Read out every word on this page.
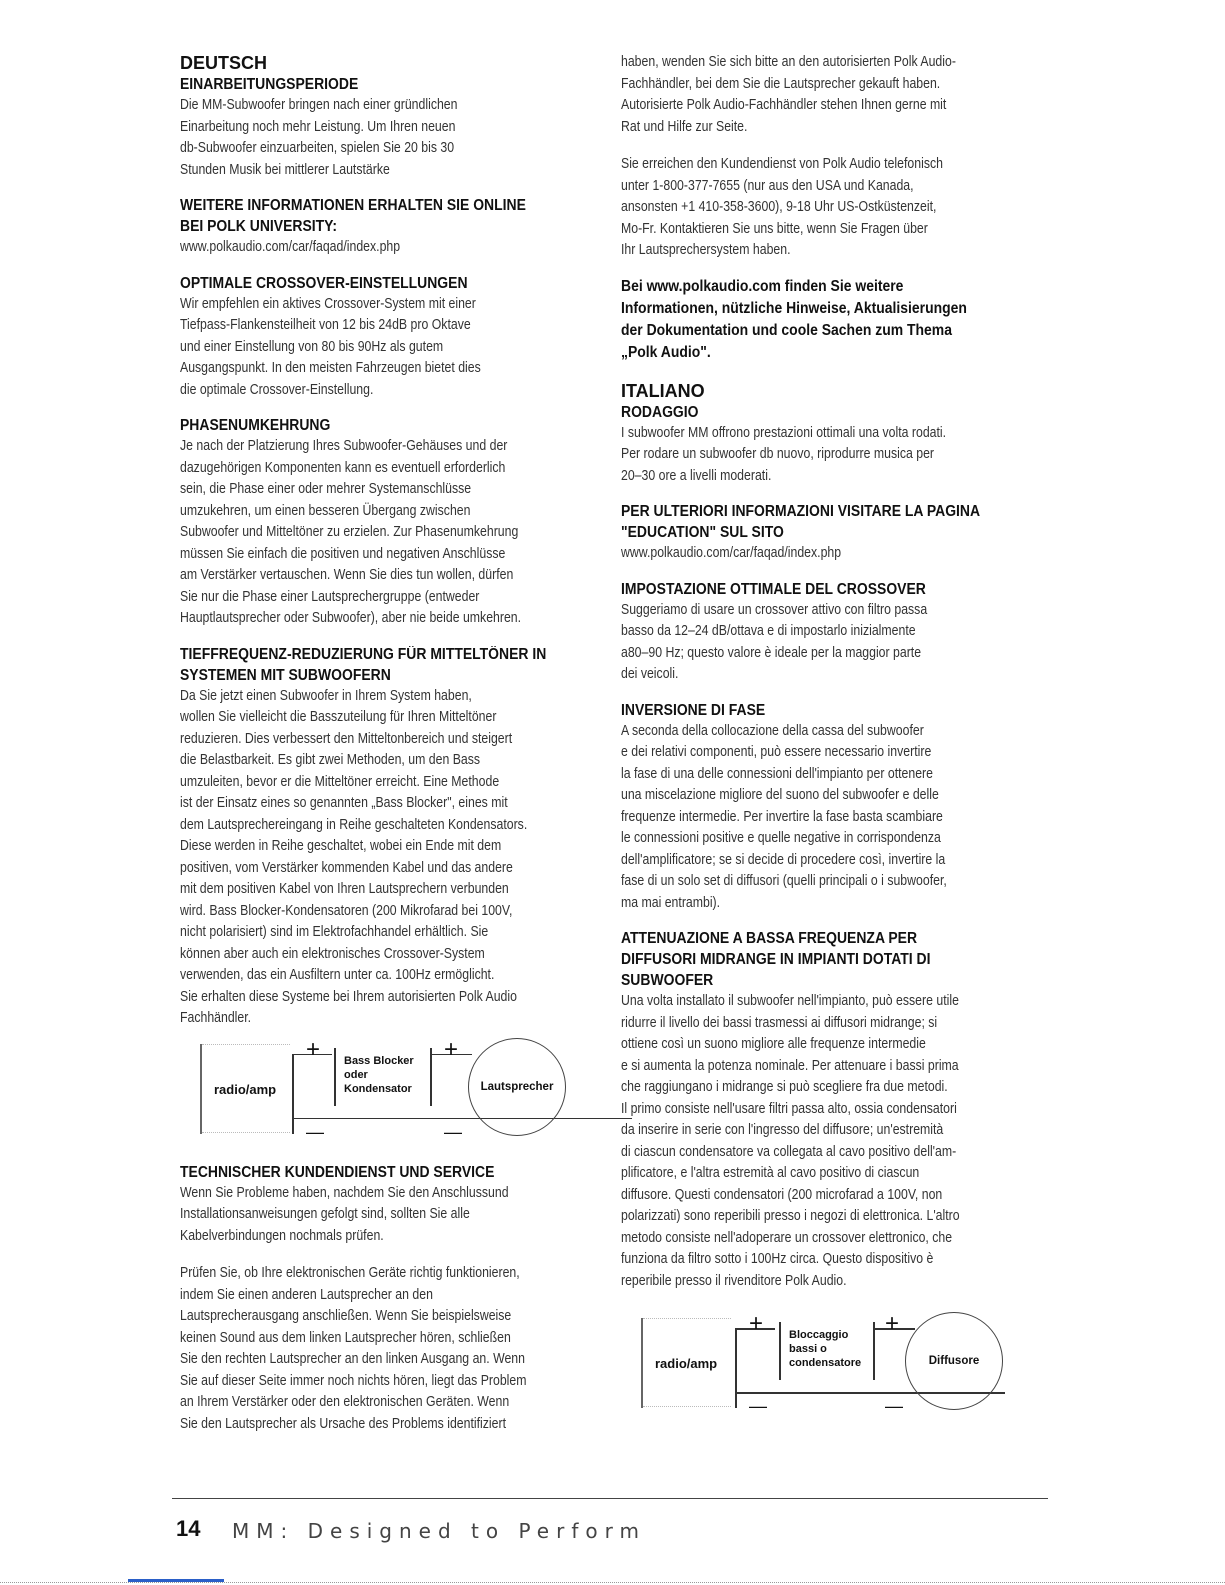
DEUTSCH
EINARBEITUNGSPERIODE

Die MM-Subwoofer bringen nach einer gründlichen
Einarbeitung noch mehr Leistung. Um Ihren neuen
db-Subwoofer einzuarbeiten, spielen Sie 20 bis 30
Stunden Musik bei mittlerer Lautstärke

WEITERE INFORMATIONEN ERHALTEN SIE ONLINE
BEI POLK UNIVERSITY:

www.polkaudio.com/car/faqad/index.php

OPTIMALE CROSSOVER-EINSTELLUNGEN

Wir empfehlen ein aktives Crossover-System mit einer
Tiefpass-Flankensteilheit von 12 bis 24dB pro Oktave
und einer Einstellung von 80 bis 90Hz als gutem
Ausgangspunkt. In den meisten Fahrzeugen bietet dies
die optimale Crossover-Einstellung.

PHASENUMKEHRUNG

Je nach der Platzierung Ihres Subwoofer-Gehäuses und der
dazugehörigen Komponenten kann es eventuell erforderlich
sein, die Phase einer oder mehrer Systemanschlüsse
umzukehren, um einen besseren Übergang zwischen
Subwoofer und Mitteltöner zu erzielen. Zur Phasenumkehrung
müssen Sie einfach die positiven und negativen Anschlüsse
am Verstärker vertauschen. Wenn Sie dies tun wollen, dürfen
Sie nur die Phase einer Lautsprechergruppe (entweder
Hauptlautsprecher oder Subwoofer), aber nie beide umkehren.

TIEFFREQUENZ-REDUZIERUNG FÜR MITTELTÖNER IN
SYSTEMEN MIT SUBWOOFERN

Da Sie jetzt einen Subwoofer in Ihrem System haben,
wollen Sie vielleicht die Basszuteilung für Ihren Mitteltöner
reduzieren. Dies verbessert den Mitteltonbereich und steigert
die Belastbarkeit. Es gibt zwei Methoden, um den Bass
umzuleiten, bevor er die Mitteltöner erreicht. Eine Methode
ist der Einsatz eines so genannten „Bass Blocker", eines mit
dem Lautsprechereingang in Reihe geschalteten Kondensators.
Diese werden in Reihe geschaltet, wobei ein Ende mit dem
positiven, vom Verstärker kommenden Kabel und das andere
mit dem positiven Kabel von Ihren Lautsprechern verbunden
wird. Bass Blocker-Kondensatoren (200 Mikrofarad bei 100V,
nicht polarisiert) sind im Elektrofachhandel erhältlich. Sie
können aber auch ein elektronisches Crossover-System
verwenden, das ein Ausfiltern unter ca. 100Hz ermöglicht.
Sie erhalten diese Systeme bei Ihrem autorisierten Polk Audio
Fachhändler.

radio/amp
+
—
Bass Blocker
oder
Kondensator
+
—
Lautsprecher
TECHNISCHER KUNDENDIENST UND SERVICE

Wenn Sie Probleme haben, nachdem Sie den Anschlussund
Installationsanweisungen gefolgt sind, sollten Sie alle
Kabelverbindungen nochmals prüfen.

Prüfen Sie, ob Ihre elektronischen Geräte richtig funktionieren,
indem Sie einen anderen Lautsprecher an den
Lautsprecherausgang anschließen. Wenn Sie beispielsweise
keinen Sound aus dem linken Lautsprecher hören, schließen
Sie den rechten Lautsprecher an den linken Ausgang an. Wenn
Sie auf dieser Seite immer noch nichts hören, liegt das Problem
an Ihrem Verstärker oder den elektronischen Geräten. Wenn
Sie den Lautsprecher als Ursache des Problems identifiziert

haben, wenden Sie sich bitte an den autorisierten Polk Audio-
Fachhändler, bei dem Sie die Lautsprecher gekauft haben.
Autorisierte Polk Audio-Fachhändler stehen Ihnen gerne mit
Rat und Hilfe zur Seite.

Sie erreichen den Kundendienst von Polk Audio telefonisch
unter 1-800-377-7655 (nur aus den USA und Kanada,
ansonsten +1 410-358-3600), 9-18 Uhr US-Ostküstenzeit,
Mo-Fr. Kontaktieren Sie uns bitte, wenn Sie Fragen über
Ihr Lautsprechersystem haben.

Bei www.polkaudio.com finden Sie weitere
Informationen, nützliche Hinweise, Aktualisierungen
der Dokumentation und coole Sachen zum Thema
„Polk Audio".

ITALIANO
RODAGGIO

I subwoofer MM offrono prestazioni ottimali una volta rodati.
Per rodare un subwoofer db nuovo, riprodurre musica per
20–30 ore a livelli moderati.

PER ULTERIORI INFORMAZIONI VISITARE LA PAGINA
"EDUCATION" SUL SITO

www.polkaudio.com/car/faqad/index.php

IMPOSTAZIONE OTTIMALE DEL CROSSOVER

Suggeriamo di usare un crossover attivo con filtro passa
basso da 12–24 dB/ottava e di impostarlo inizialmente
a80–90 Hz; questo valore è ideale per la maggior parte
dei veicoli.

INVERSIONE DI FASE

A seconda della collocazione della cassa del subwoofer
e dei relativi componenti, può essere necessario invertire
la fase di una delle connessioni dell'impianto per ottenere
una miscelazione migliore del suono del subwoofer e delle
frequenze intermedie. Per invertire la fase basta scambiare
le connessioni positive e quelle negative in corrispondenza
dell'amplificatore; se si decide di procedere così, invertire la
fase di un solo set di diffusori (quelli principali o i subwoofer,
ma mai entrambi).

ATTENUAZIONE A BASSA FREQUENZA PER
DIFFUSORI MIDRANGE IN IMPIANTI DOTATI DI
SUBWOOFER

Una volta installato il subwoofer nell'impianto, può essere utile
ridurre il livello dei bassi trasmessi ai diffusori midrange; si
ottiene così un suono migliore alle frequenze intermedie
e si aumenta la potenza nominale. Per attenuare i bassi prima
che raggiungano i midrange si può scegliere fra due metodi.
Il primo consiste nell'usare filtri passa alto, ossia condensatori
da inserire in serie con l'ingresso del diffusore; un'estremità
di ciascun condensatore va collegata al cavo positivo dell'am-
plificatore, e l'altra estremità al cavo positivo di ciascun
diffusore. Questi condensatori (200 microfarad a 100V, non
polarizzati) sono reperibili presso i negozi di elettronica. L'altro
metodo consiste nell'adoperare un crossover elettronico, che
funziona da filtro sotto i 100Hz circa. Questo dispositivo è
reperibile presso il rivenditore Polk Audio.

radio/amp
+
—
Bloccaggio
bassi o
condensatore
+
—
Diffusore
14 MM: Designed to Perform
